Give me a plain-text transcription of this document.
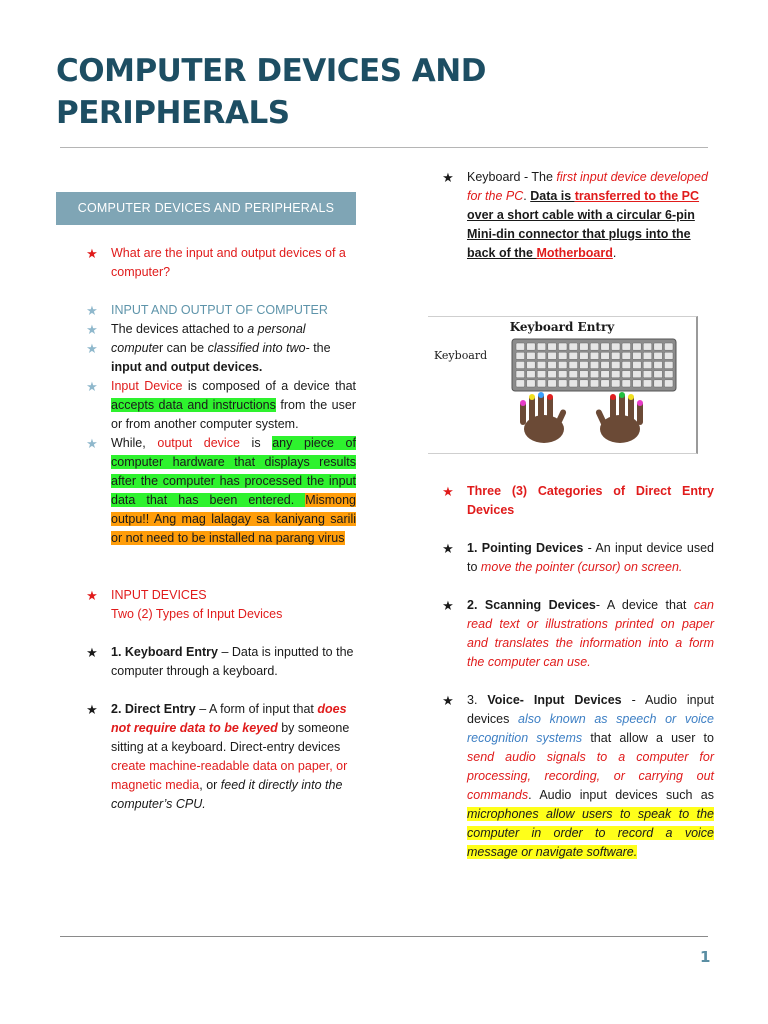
COMPUTER DEVICES AND PERIPHERALS
COMPUTER DEVICES AND PERIPHERALS
★ What are the input and output devices of a computer?
★ INPUT AND OUTPUT OF COMPUTER
★ The devices attached to a personal
★ computer can be classified into two- the
input and output devices.
★ Input Device is composed of a device that accepts data and instructions from the user or from another computer system.
★ While, output device is any piece of computer hardware that displays results after the computer has processed the input data that has been entered. Mismong outpu!! Ang mag lalagay sa kaniyang sarili or not need to be installed na parang virus
★ INPUT DEVICES
Two (2) Types of Input Devices
★ 1. Keyboard Entry – Data is inputted to the computer through a keyboard.
★ 2. Direct Entry – A form of input that does not require data to be keyed by someone sitting at a keyboard. Direct-entry devices create machine-readable data on paper, or magnetic media, or feed it directly into the computer’s CPU.
★ Keyboard - The first input device developed for the PC. Data is transferred to the PC over a short cable with a circular 6-pin Mini-din connector that plugs into the back of the Motherboard.
Keyboard Entry
Keyboard
★ Three (3) Categories of Direct Entry Devices
★ 1. Pointing Devices - An input device used to move the pointer (cursor) on screen.
★ 2. Scanning Devices- A device that can read text or illustrations printed on paper and translates the information into a form the computer can use.
★ 3. Voice- Input Devices - Audio input devices also known as speech or voice recognition systems that allow a user to send audio signals to a computer for processing, recording, or carrying out commands. Audio input devices such as microphones allow users to speak to the computer in order to record a voice message or navigate software.
1
